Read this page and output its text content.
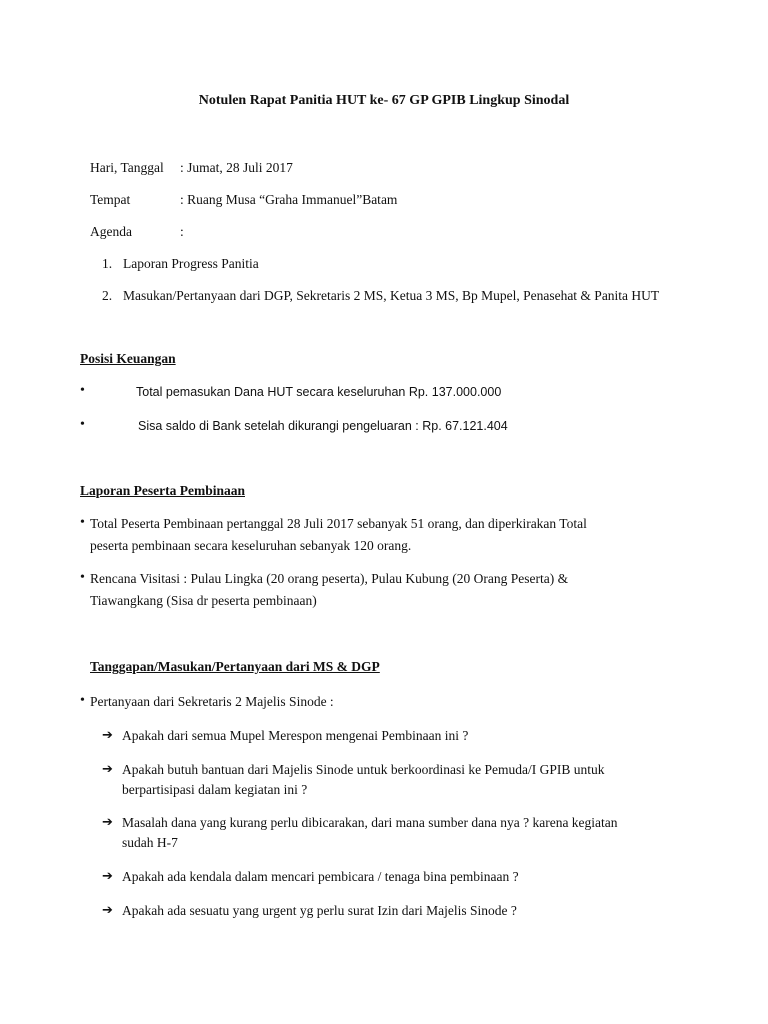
Notulen Rapat Panitia HUT ke- 67 GP GPIB Lingkup Sinodal
Hari, Tanggal : Jumat, 28 Juli 2017
Tempat	: Ruang Musa “Graha Immanuel”Batam
Agenda	:
1. Laporan Progress Panitia
2. Masukan/Pertanyaan dari DGP, Sekretaris 2 MS, Ketua 3 MS, Bp Mupel, Penasehat & Panita HUT
Posisi Keuangan
•	Total pemasukan Dana HUT secara keseluruhan Rp. 137.000.000
•	Sisa saldo di Bank setelah dikurangi pengeluaran : Rp. 67.121.404
Laporan Peserta Pembinaan
• Total Peserta Pembinaan pertanggal 28 Juli 2017 sebanyak 51 orang, dan diperkirakan Total
peserta pembinaan secara keseluruhan sebanyak 120 orang.
• Rencana Visitasi : Pulau Lingka (20 orang peserta), Pulau Kubung (20 Orang Peserta) &
Tiawangkang (Sisa dr peserta pembinaan)
Tanggapan/Masukan/Pertanyaan dari MS & DGP
• Pertanyaan dari Sekretaris 2 Majelis Sinode :
➔ Apakah dari semua Mupel Merespon mengenai Pembinaan ini ?
➔ Apakah butuh bantuan dari Majelis Sinode untuk berkoordinasi ke Pemuda/I GPIB untuk
berpartisipasi dalam kegiatan ini ?
➔ Masalah dana yang kurang perlu dibicarakan, dari mana sumber dana nya ? karena kegiatan
sudah H-7
➔ Apakah ada kendala dalam mencari pembicara / tenaga bina pembinaan ?
➔ Apakah ada sesuatu yang urgent yg perlu surat Izin dari Majelis Sinode ?
